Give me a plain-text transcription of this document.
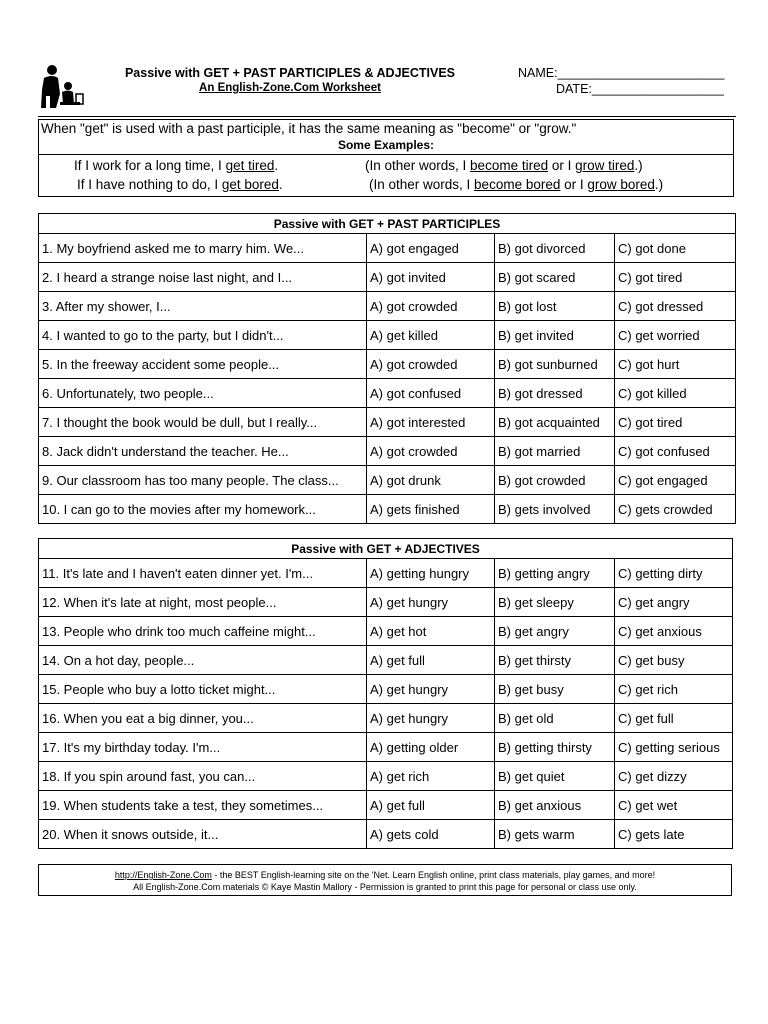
Passive with GET + PAST PARTICIPLES & ADJECTIVES
An English-Zone.Com Worksheet
NAME:________________________
DATE:___________________
When "get" is used with a past participle, it has the same meaning as "become" or "grow."
Some Examples:
If I work for a long time, I get tired.	(In other words, I become tired or I grow tired.)
If I have nothing to do, I get bored.	(In other words, I become bored or I grow bored.)
Passive with GET + PAST PARTICIPLES			
1. My boyfriend asked me to marry him. We...	A) got engaged	B) got divorced	C) got done
2. I heard a strange noise last night, and I...	A) got invited	B) got scared	C) got tired
3. After my shower, I...	A) got crowded	B) got lost	C) got dressed
4. I wanted to go to the party, but I didn't...	A) get killed	B) get invited	C) get worried
5. In the freeway accident some people...	A) got crowded	B) got sunburned	C) got hurt
6. Unfortunately, two people...	A) got confused	B) got dressed	C) got killed
7. I thought the book would be dull, but I really...	A) got interested	B) got acquainted	C) got tired
8. Jack didn't understand the teacher. He...	A) got crowded	B) got married	C) got confused
9. Our classroom has too many people. The class...	A) got drunk	B) got crowded	C) got engaged
10. I can go to the movies after my homework...	A) gets finished	B) gets involved	C) gets crowded
Passive with GET + ADJECTIVES			
11. It's late and I haven't eaten dinner yet. I'm...	A) getting hungry	B) getting angry	C) getting dirty
12. When it's late at night, most people...	A) get hungry	B) get sleepy	C) get angry
13. People who drink too much caffeine might...	A) get hot	B) get angry	C) get anxious
14. On a hot day, people...	A) get full	B) get thirsty	C) get busy
15. People who buy a lotto ticket might...	A) get hungry	B) get busy	C) get rich
16. When you eat a big dinner, you...	A) get hungry	B) get old	C) get full
17. It's my birthday today. I'm...	A) getting older	B) getting thirsty	C) getting serious
18. If you spin around fast, you can...	A) get rich	B) get quiet	C) get dizzy
19. When students take a test, they sometimes...	A) get full	B) get anxious	C) get wet
20. When it snows outside, it...	A) gets cold	B) gets warm	C) gets late
http://English-Zone.Com - the BEST English-learning site on the 'Net. Learn English online, print class materials, play games, and more!
All English-Zone.Com materials © Kaye Mastin Mallory - Permission is granted to print this page for personal or class use only.
